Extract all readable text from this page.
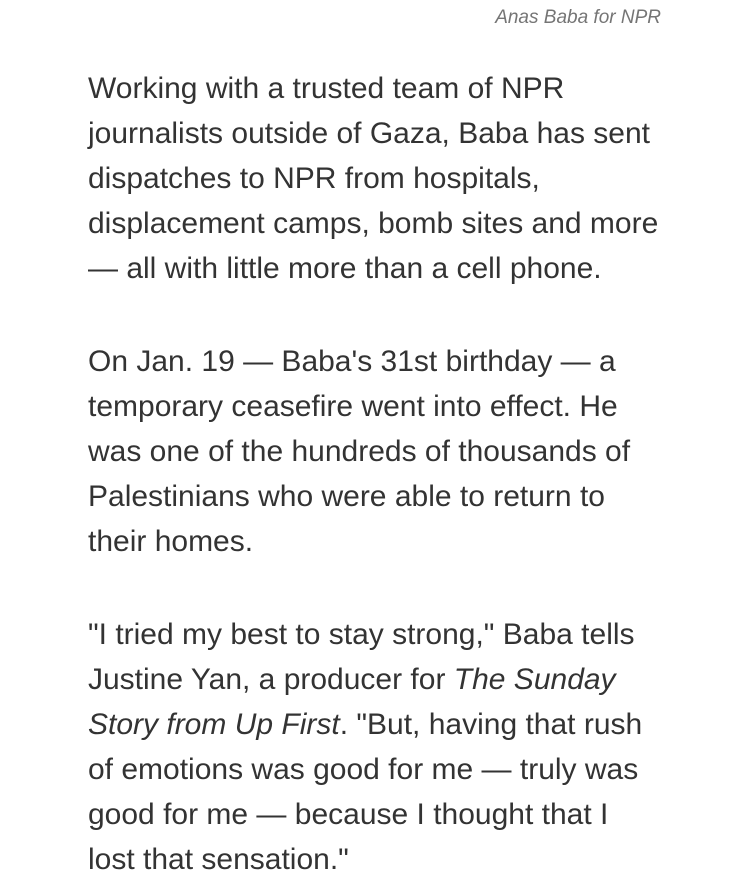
Anas Baba for NPR

Working with a trusted team of NPR journalists outside of Gaza, Baba has sent dispatches to NPR from hospitals, displacement camps, bomb sites and more — all with little more than a cell phone.

On Jan. 19 — Baba's 31st birthday — a temporary ceasefire went into effect. He was one of the hundreds of thousands of Palestinians who were able to return to their homes.

"I tried my best to stay strong," Baba tells Justine Yan, a producer for The Sunday Story from Up First. "But, having that rush of emotions was good for me — truly was good for me — because I thought that I lost that sensation."
